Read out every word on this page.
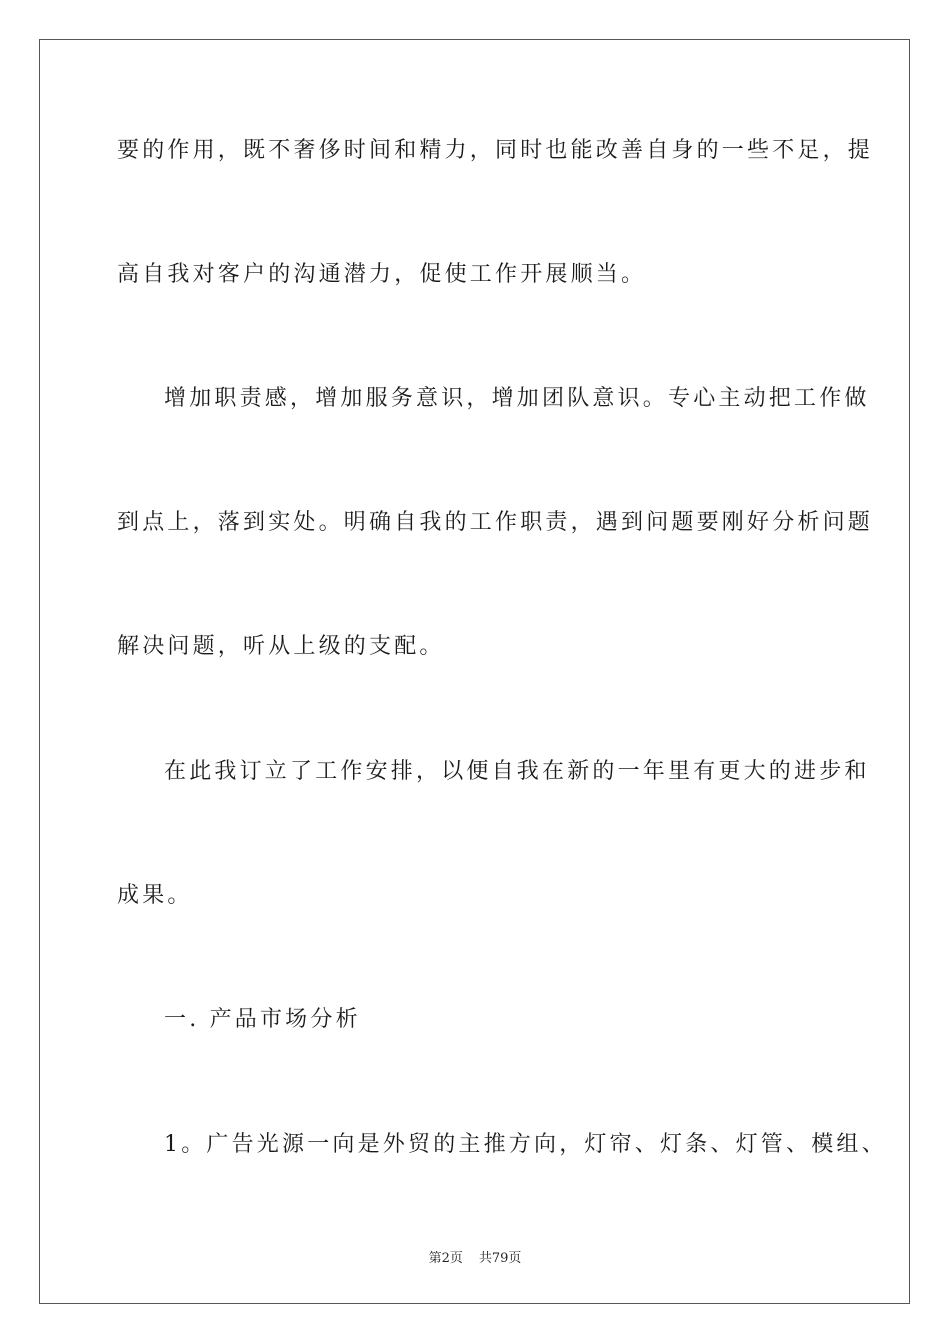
要的作用，既不奢侈时间和精力，同时也能改善自身的一些不足，提
高自我对客户的沟通潜力，促使工作开展顺当。
增加职责感，增加服务意识，增加团队意识。专心主动把工作做
到点上，落到实处。明确自我的工作职责，遇到问题要刚好分析问题
解决问题，听从上级的支配。
在此我订立了工作安排，以便自我在新的一年里有更大的进步和
成果。
一. 产品市场分析
1。广告光源一向是外贸的主推方向，灯帘、灯条、灯管、模组、
第2页 共79页
